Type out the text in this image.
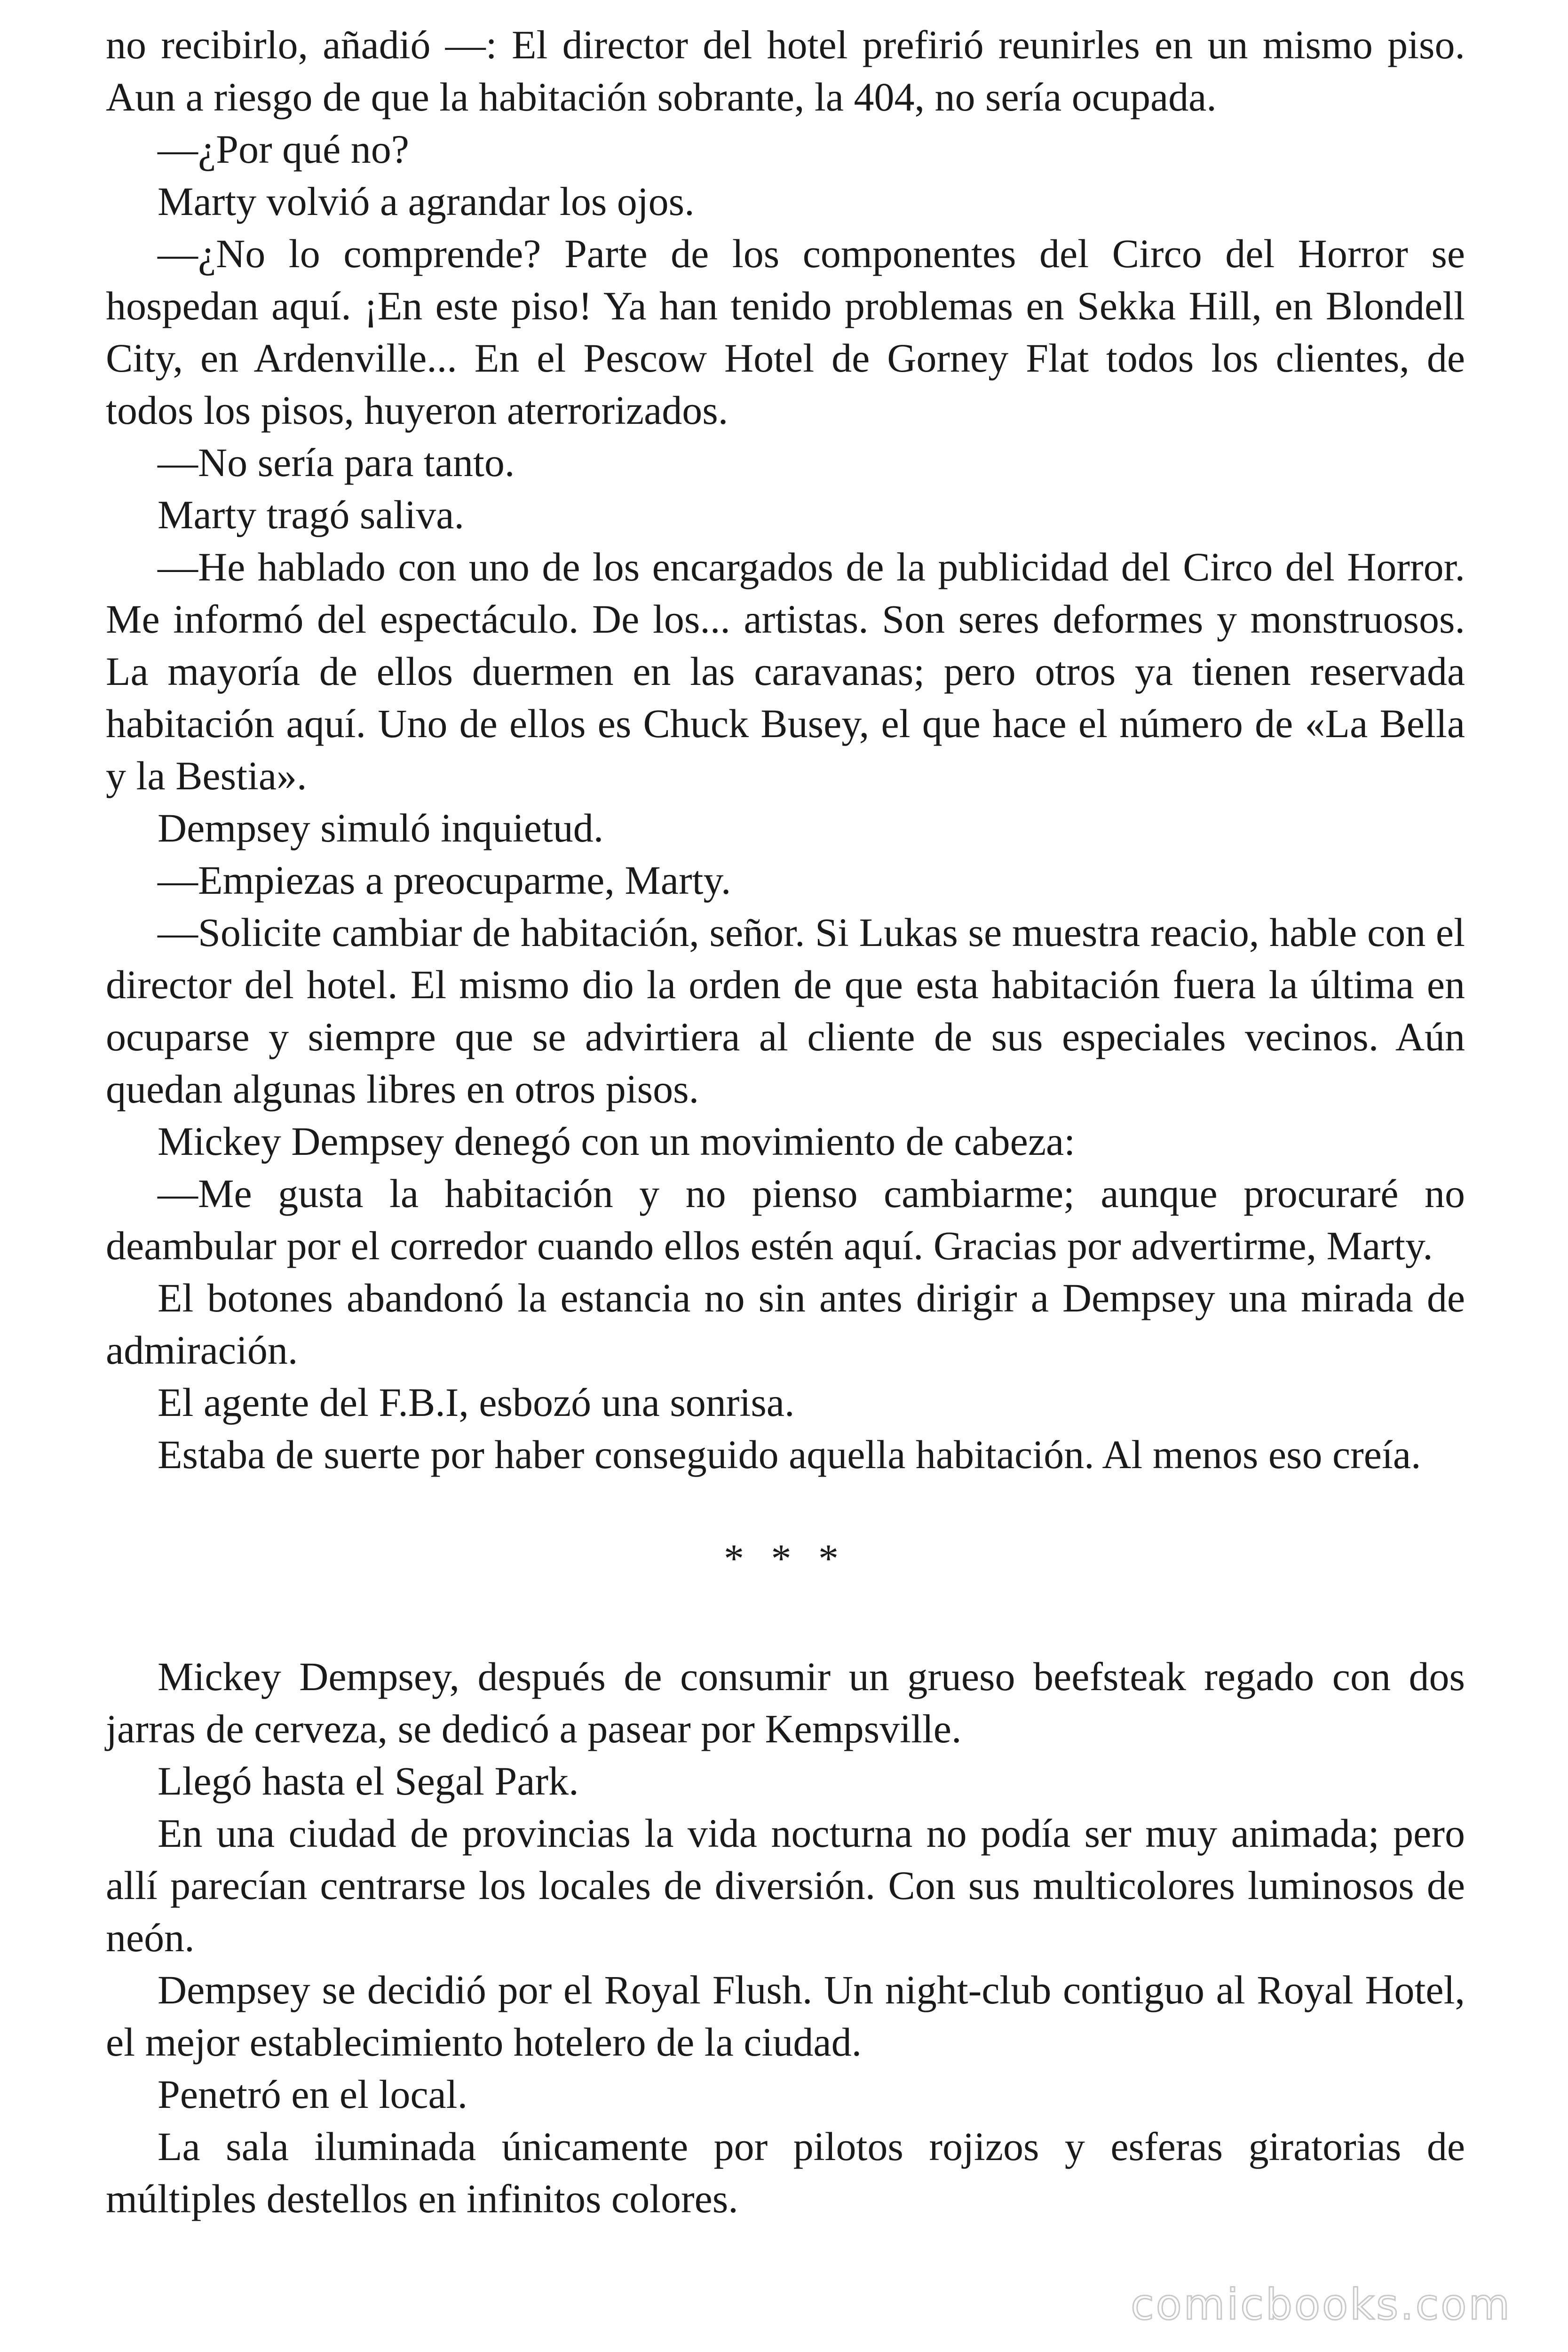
no recibirlo, añadió —: El director del hotel prefirió reunirles en un mismo piso. Aun a riesgo de que la habitación sobrante, la 404, no sería ocupada.

—¿Por qué no?

Marty volvió a agrandar los ojos.

—¿No lo comprende? Parte de los componentes del Circo del Horror se hospedan aquí. ¡En este piso! Ya han tenido problemas en Sekka Hill, en Blondell City, en Ardenville... En el Pescow Hotel de Gorney Flat todos los clientes, de todos los pisos, huyeron aterrorizados.

—No sería para tanto.

Marty tragó saliva.

—He hablado con uno de los encargados de la publicidad del Circo del Horror. Me informó del espectáculo. De los... artistas. Son seres deformes y monstruosos. La mayoría de ellos duermen en las caravanas; pero otros ya tienen reservada habitación aquí. Uno de ellos es Chuck Busey, el que hace el número de «La Bella y la Bestia».

Dempsey simuló inquietud.

—Empiezas a preocuparme, Marty.

—Solicite cambiar de habitación, señor. Si Lukas se muestra reacio, hable con el director del hotel. El mismo dio la orden de que esta habitación fuera la última en ocuparse y siempre que se advirtiera al cliente de sus especiales vecinos. Aún quedan algunas libres en otros pisos.

Mickey Dempsey denegó con un movimiento de cabeza:

—Me gusta la habitación y no pienso cambiarme; aunque procuraré no deambular por el corredor cuando ellos estén aquí. Gracias por advertirme, Marty.

El botones abandonó la estancia no sin antes dirigir a Dempsey una mirada de admiración.

El agente del F.B.I, esbozó una sonrisa.

Estaba de suerte por haber conseguido aquella habitación. Al menos eso creía.

* * *

Mickey Dempsey, después de consumir un grueso beefsteak regado con dos jarras de cerveza, se dedicó a pasear por Kempsville.

Llegó hasta el Segal Park.

En una ciudad de provincias la vida nocturna no podía ser muy animada; pero allí parecían centrarse los locales de diversión. Con sus multicolores luminosos de neón.

Dempsey se decidió por el Royal Flush. Un night-club contiguo al Royal Hotel, el mejor establecimiento hotelero de la ciudad.

Penetró en el local.

La sala iluminada únicamente por pilotos rojizos y esferas giratorias de múltiples destellos en infinitos colores.

comicbooks.com
